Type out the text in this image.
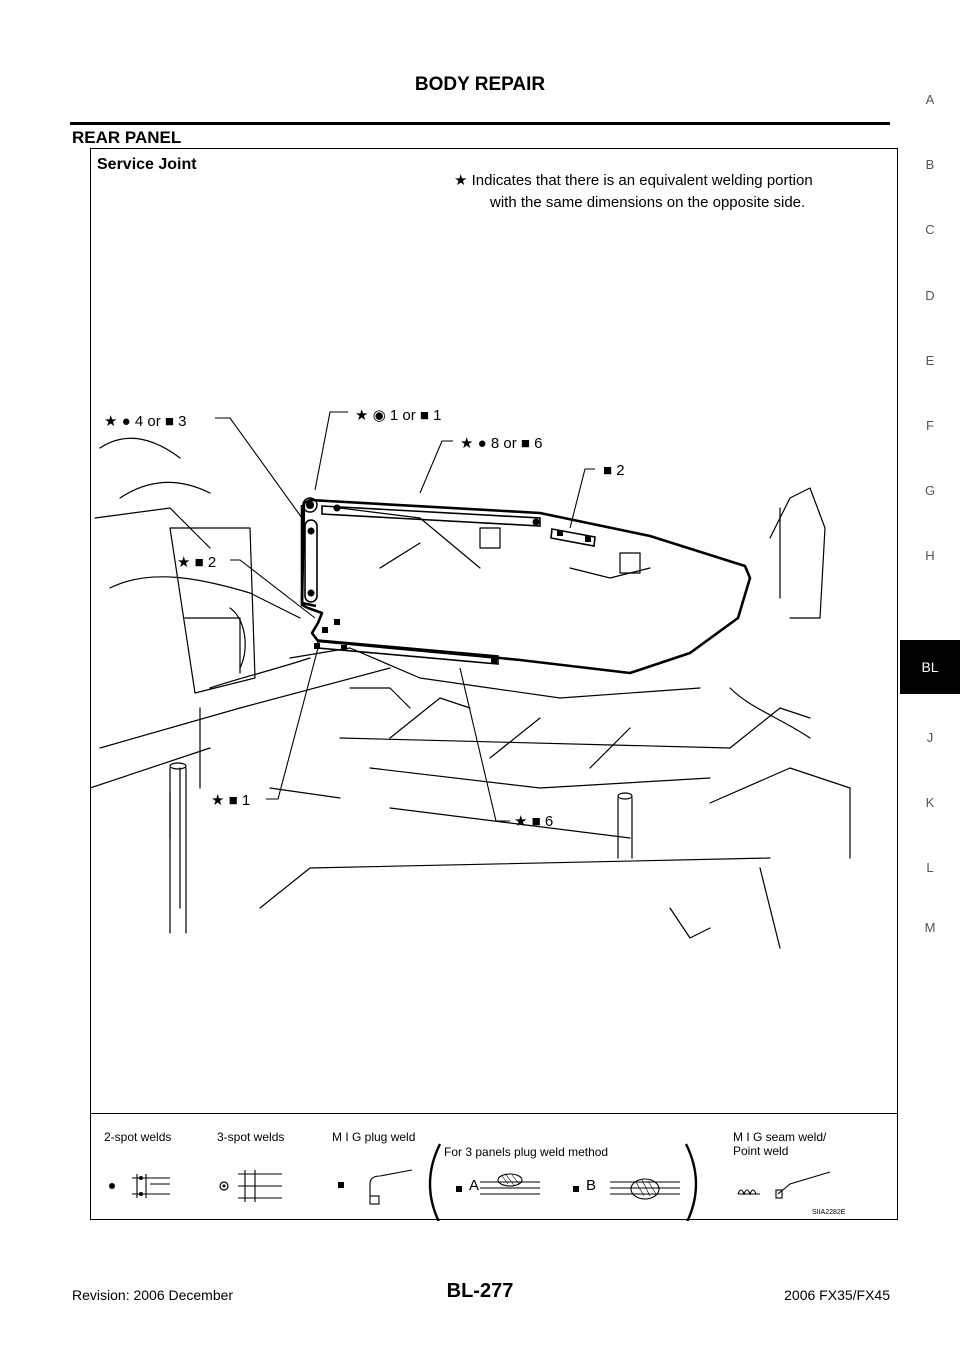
BODY REPAIR
REAR PANEL
A
B
C
D
E
F
G
H
BL
J
K
L
M
Service Joint
★ Indicates that there is an equivalent welding portion
with the same dimensions on the opposite side.
★ ● 4 or ■ 3	★ ◉ 1 or ■ 1
★ ● 8 or ■ 6
■ 2
★ ■ 2
★ ■ 1
★ ■ 6
2-spot welds	3-spot welds	M I G plug weld
For 3 panels plug weld method
M I G seam weld/
Point weld
A	B
SIIA2282E
Revision: 2006 December	BL-277	2006 FX35/FX45
